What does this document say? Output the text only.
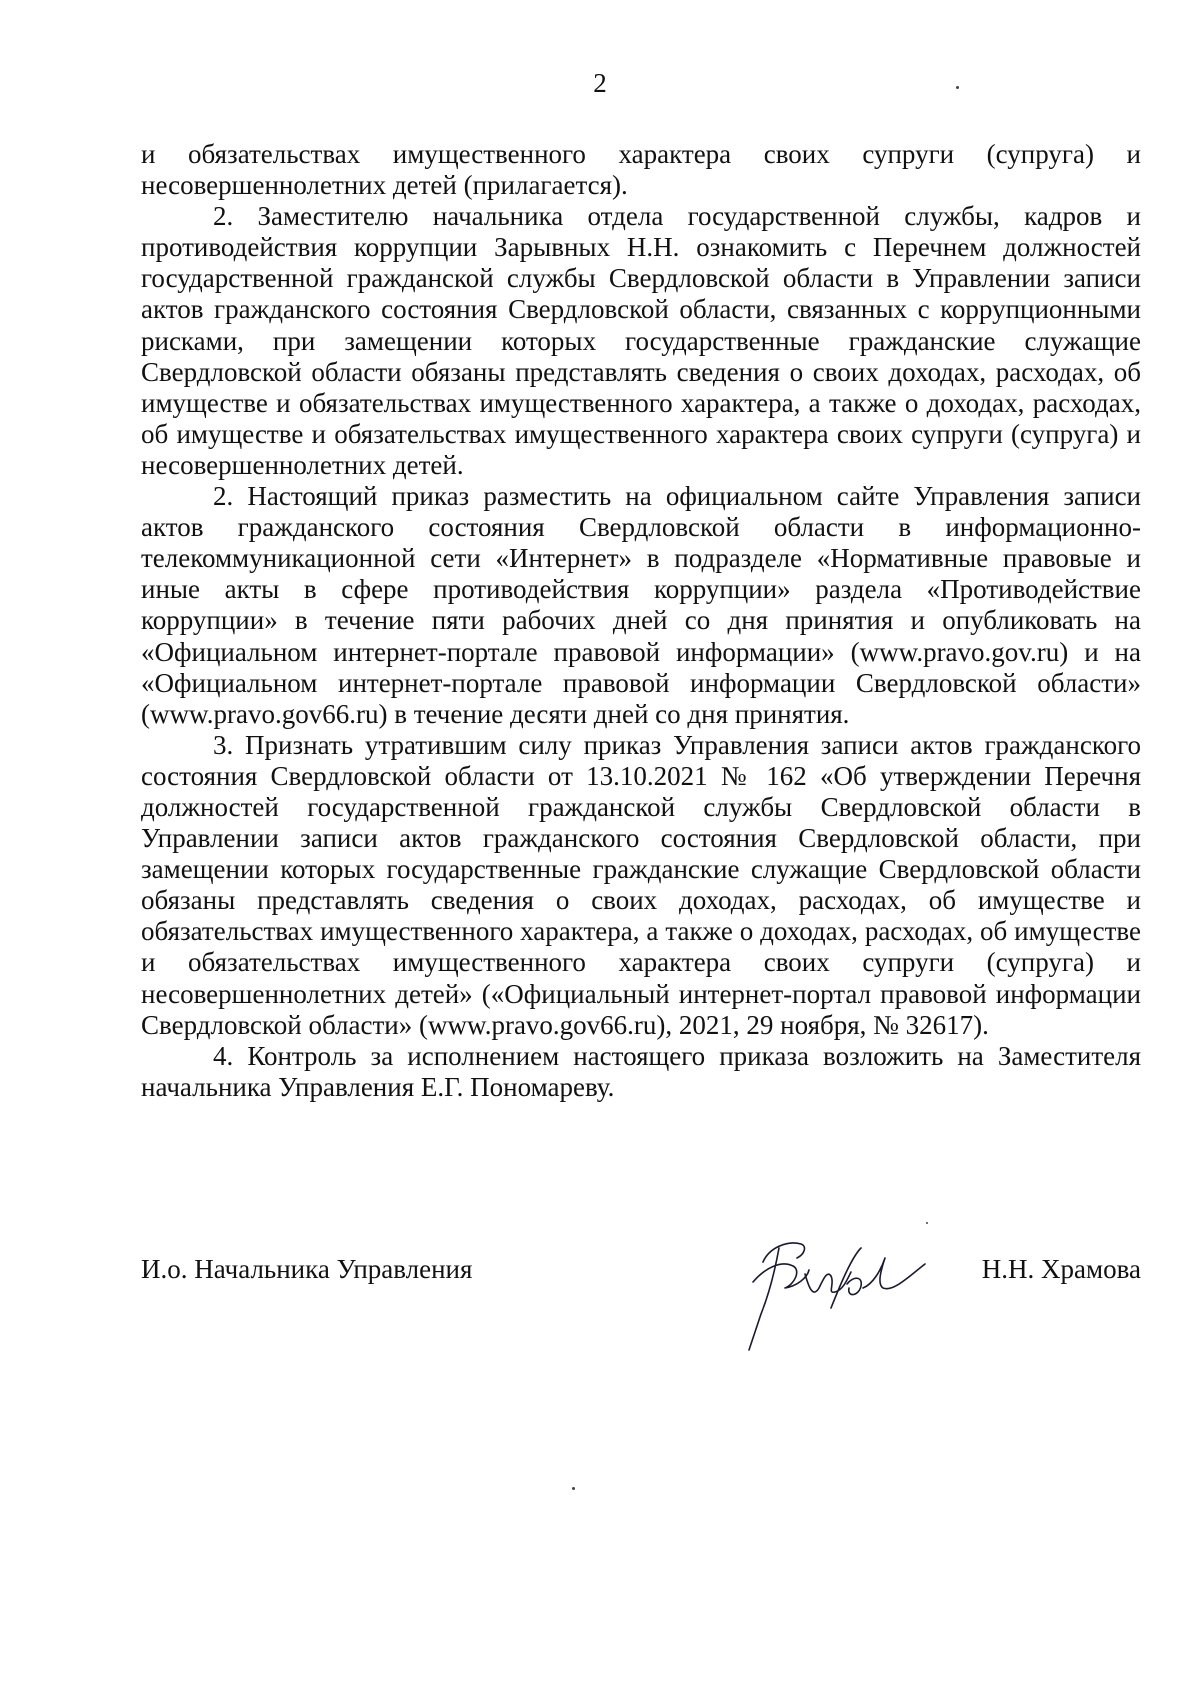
2

и обязательствах имущественного характера своих супруги (супруга) и несовершеннолетних детей (прилагается).

2. Заместителю начальника отдела государственной службы, кадров и противодействия коррупции Зарывных Н.Н. ознакомить с Перечнем должностей государственной гражданской службы Свердловской области в Управлении записи актов гражданского состояния Свердловской области, связанных с коррупционными рисками, при замещении которых государственные гражданские служащие Свердловской области обязаны представлять сведения о своих доходах, расходах, об имуществе и обязательствах имущественного характера, а также о доходах, расходах, об имуществе и обязательствах имущественного характера своих супруги (супруга) и несовершеннолетних детей.

2. Настоящий приказ разместить на официальном сайте Управления записи актов гражданского состояния Свердловской области в информационно-телекоммуникационной сети «Интернет» в подразделе «Нормативные правовые и иные акты в сфере противодействия коррупции» раздела «Противодействие коррупции» в течение пяти рабочих дней со дня принятия и опубликовать на «Официальном интернет-портале правовой информации» (www.pravo.gov.ru) и на «Официальном интернет-портале правовой информации Свердловской области» (www.pravo.gov66.ru) в течение десяти дней со дня принятия.

3. Признать утратившим силу приказ Управления записи актов гражданского состояния Свердловской области от 13.10.2021 № 162 «Об утверждении Перечня должностей государственной гражданской службы Свердловской области в Управлении записи актов гражданского состояния Свердловской области, при замещении которых государственные гражданские служащие Свердловской области обязаны представлять сведения о своих доходах, расходах, об имуществе и обязательствах имущественного характера, а также о доходах, расходах, об имуществе и обязательствах имущественного характера своих супруги (супруга) и несовершеннолетних детей» («Официальный интернет-портал правовой информации Свердловской области» (www.pravo.gov66.ru), 2021, 29 ноября, № 32617).

4. Контроль за исполнением настоящего приказа возложить на Заместителя начальника Управления Е.Г. Пономареву.

И.о. Начальника Управления	Н.Н. Храмова
